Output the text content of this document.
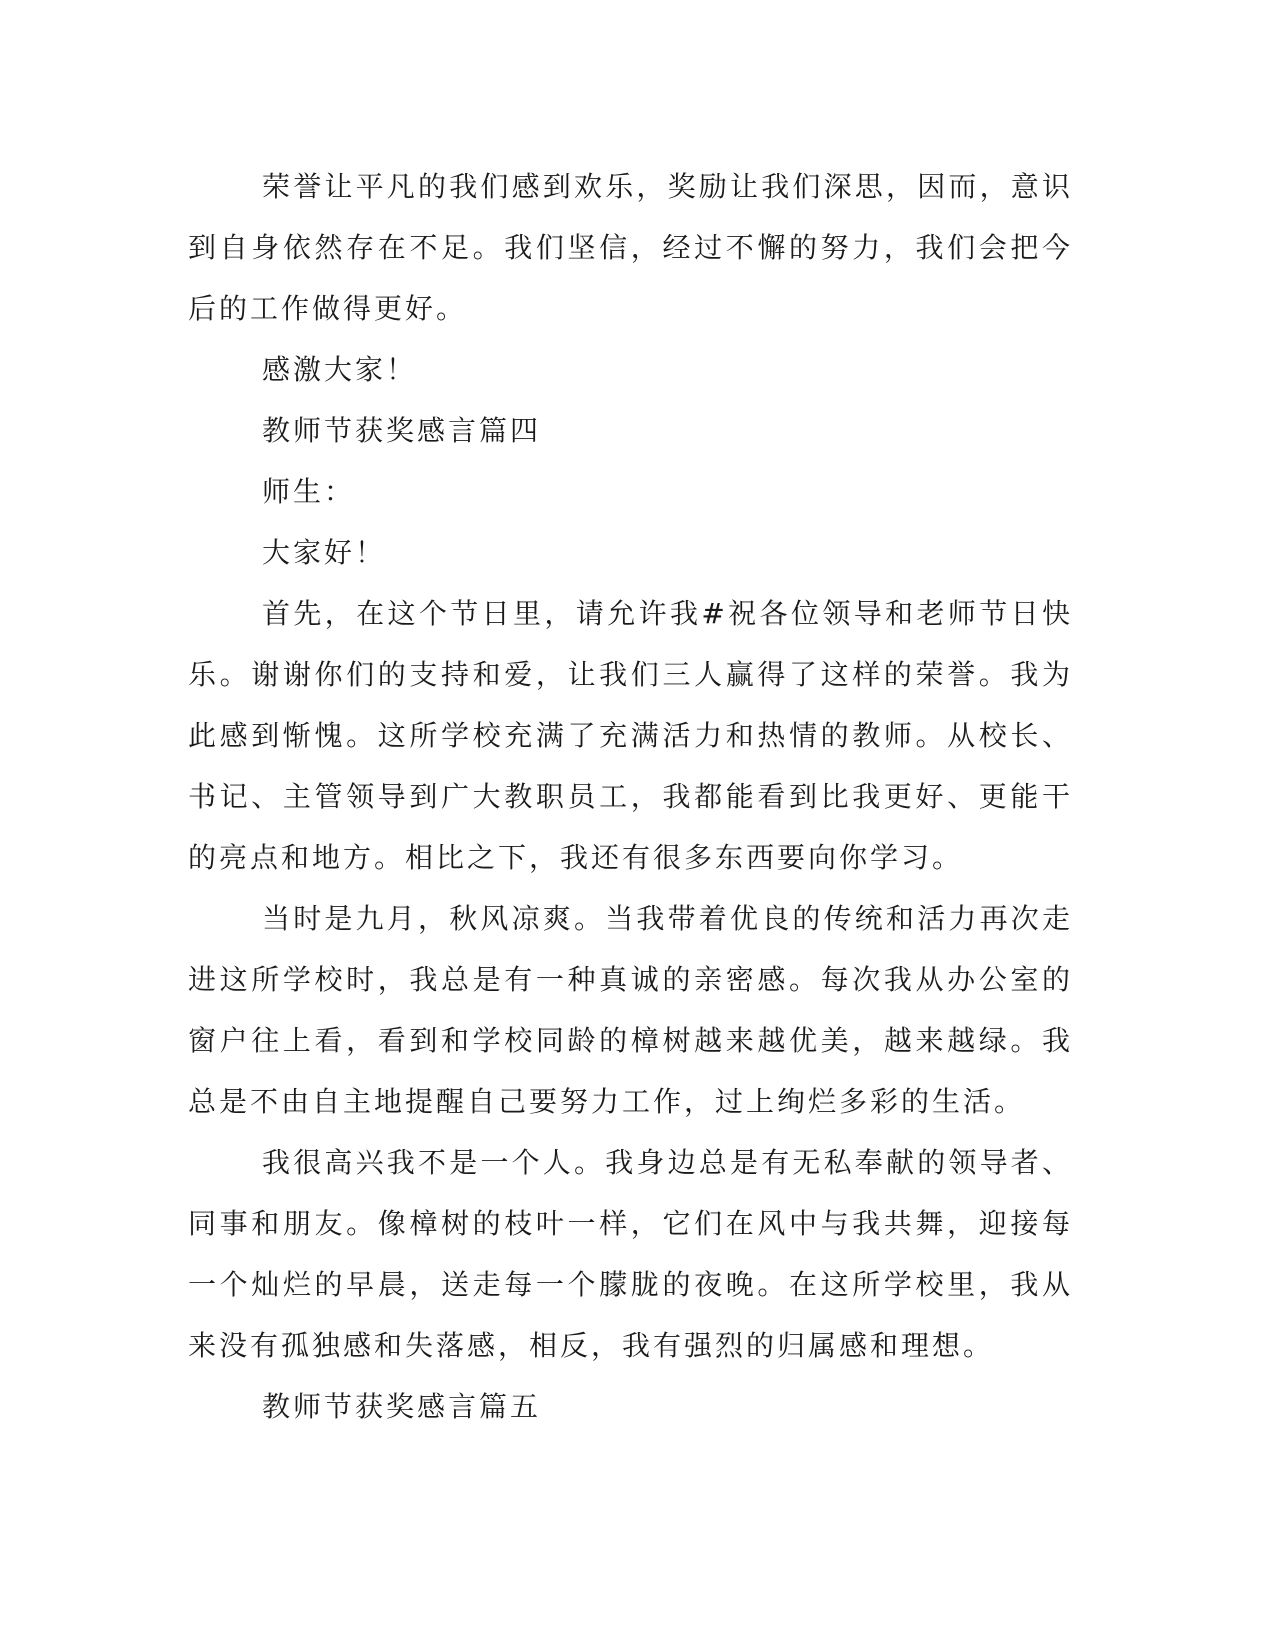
荣誉让平凡的我们感到欢乐，奖励让我们深思，因而，意识到自身依然存在不足。我们坚信，经过不懈的努力，我们会把今后的工作做得更好。

感激大家！

教师节获奖感言篇四

师生：

大家好！

首先，在这个节日里，请允许我#祝各位领导和老师节日快乐。谢谢你们的支持和爱，让我们三人赢得了这样的荣誉。我为此感到惭愧。这所学校充满了充满活力和热情的教师。从校长、书记、主管领导到广大教职员工，我都能看到比我更好、更能干的亮点和地方。相比之下，我还有很多东西要向你学习。

当时是九月，秋风凉爽。当我带着优良的传统和活力再次走进这所学校时，我总是有一种真诚的亲密感。每次我从办公室的窗户往上看，看到和学校同龄的樟树越来越优美，越来越绿。我总是不由自主地提醒自己要努力工作，过上绚烂多彩的生活。

我很高兴我不是一个人。我身边总是有无私奉献的领导者、同事和朋友。像樟树的枝叶一样，它们在风中与我共舞，迎接每一个灿烂的早晨，送走每一个朦胧的夜晚。在这所学校里，我从来没有孤独感和失落感，相反，我有强烈的归属感和理想。

教师节获奖感言篇五
